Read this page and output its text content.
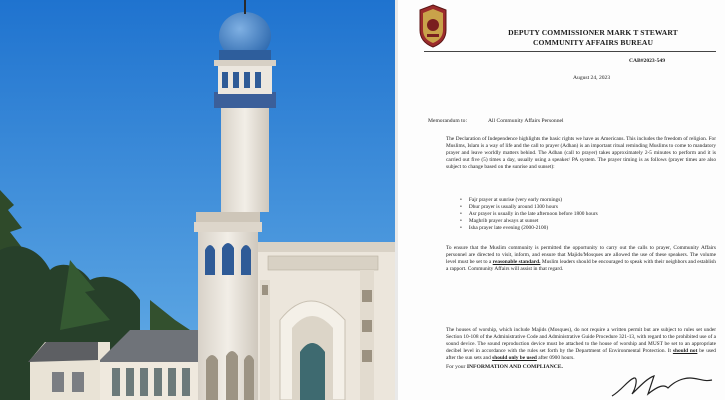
DEPUTY COMMISSIONER MARK T STEWART
COMMUNITY AFFAIRS BUREAU
CAB#2023-549
August 24, 2023
Memorandum to:	All Community Affairs Personnel
The Declaration of Independence highlights the basic rights we have as Americans. This includes the freedom of religion. For Muslims, Islam is a way of life and the call to prayer (Adhan) is an important ritual reminding Muslims to come to mandatory prayer and leave worldly matters behind. The Adhan (call to prayer) takes approximately 2-5 minutes to perform and it is carried out five (5) times a day, usually using a speaker/ PA system. The prayer timing is as follows (prayer times are also subject to change based on the sunrise and sunset):
• Fajr prayer at sunrise (very early mornings)
• Dhur prayer is usually around 1300 hours
• Asr prayer is usually in the late afternoon before 1800 hours
• Maghrib prayer always at sunset
• Isha prayer late evening (2000-2100)
To ensure that the Muslim community is permitted the opportunity to carry out the calls to prayer, Community Affairs personnel are directed to visit, inform, and ensure that Majids/Mosques are allowed the use of these speakers. The volume level must be set to a reasonable standard. Muslim leaders should be encouraged to speak with their neighbors and establish a rapport. Community Affairs will assist in that regard.
The houses of worship, which include Majids (Mosques), do not require a written permit but are subject to rules set under Section 10-108 of the Administrative Code and Administrative Guide Procedure 321-13, with regard to the prohibited use of a sound device. The sound reproduction device must be attached to the house of worship and MUST be set to an appropriate decibel level in accordance with the rules set forth by the Department of Environmental Protection. It should not be used after the sun sets and should only be used after 0900 hours.
For your INFORMATION AND COMPLIANCE.
